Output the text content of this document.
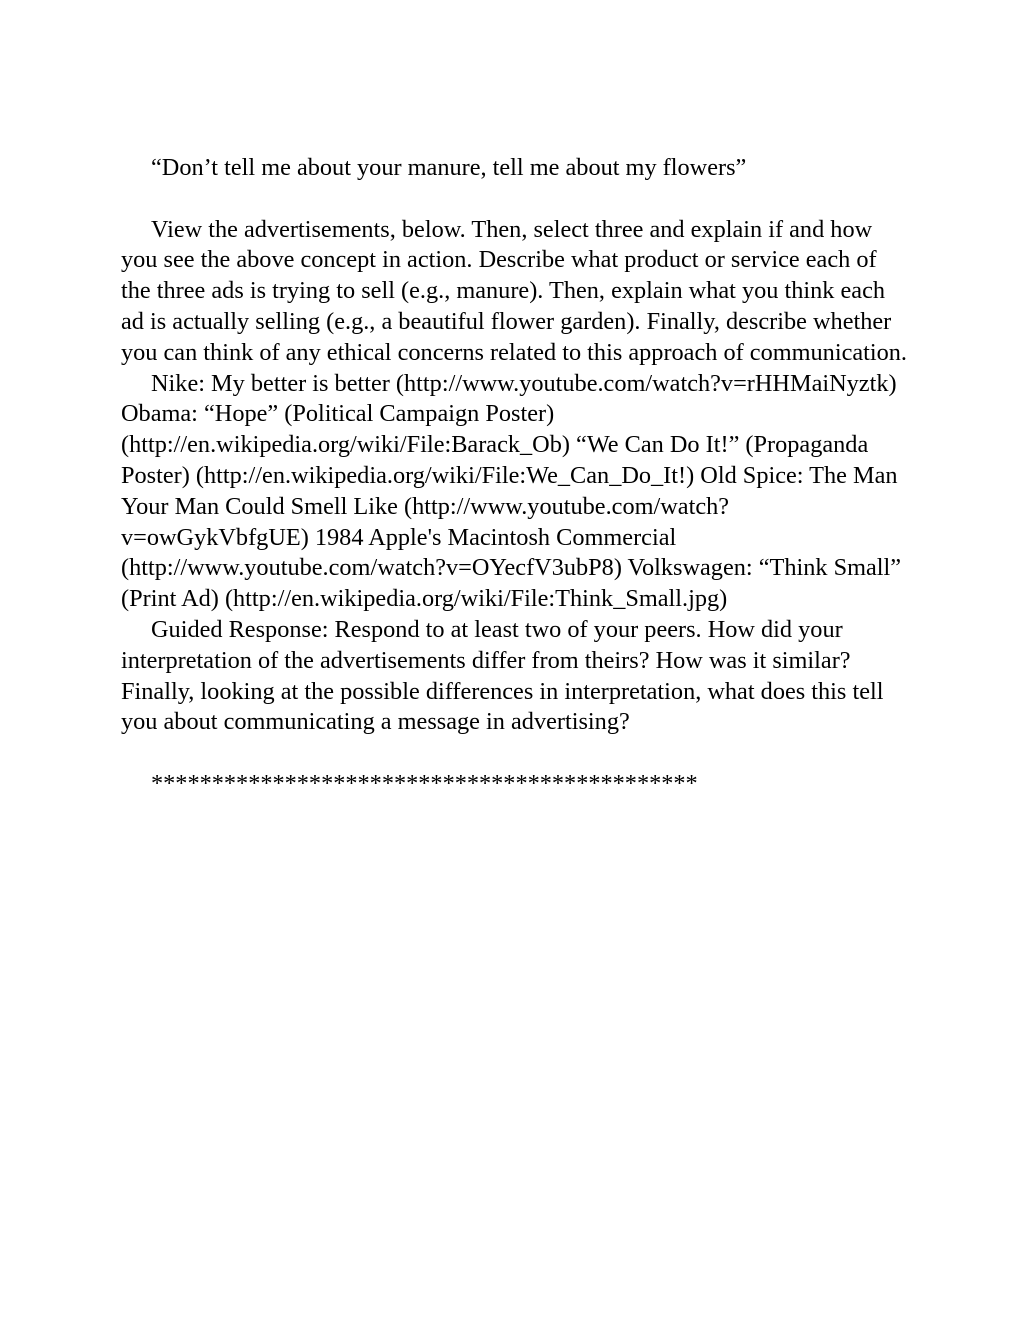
“Don’t tell me about your manure, tell me about my flowers”

View the advertisements, below. Then, select three and explain if and how you see the above concept in action. Describe what product or service each of the three ads is trying to sell (e.g., manure). Then, explain what you think each ad is actually selling (e.g., a beautiful flower garden). Finally, describe whether you can think of any ethical concerns related to this approach of communication.

Nike: My better is better (http://www.youtube.com/watch?v=rHHMaiNyztk) Obama: “Hope” (Political Campaign Poster) (http://en.wikipedia.org/wiki/File:Barack_Ob) “We Can Do It!” (Propaganda Poster) (http://en.wikipedia.org/wiki/File:We_Can_Do_It!) Old Spice: The Man Your Man Could Smell Like (http://www.youtube.com/watch?v=owGykVbfgUE) 1984 Apple's Macintosh Commercial (http://www.youtube.com/watch?v=OYecfV3ubP8) Volkswagen: “Think Small” (Print Ad) (http://en.wikipedia.org/wiki/File:Think_Small.jpg)

Guided Response: Respond to at least two of your peers. How did your interpretation of the advertisements differ from theirs? How was it similar? Finally, looking at the possible differences in interpretation, what does this tell you about communicating a message in advertising?

*********************************************
